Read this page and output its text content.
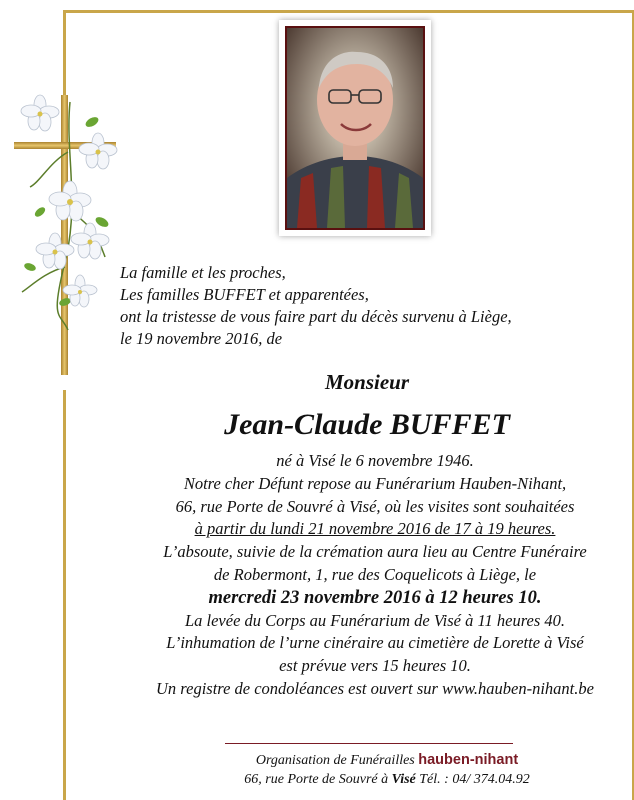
La famille et les proches,
Les familles BUFFET et apparentées,
ont la tristesse de vous faire part du décès survenu à Liège,
le 19 novembre 2016, de
Monsieur
Jean-Claude BUFFET
né à Visé le 6 novembre 1946.
Notre cher Défunt repose au Funérarium Hauben-Nihant,
66, rue Porte de Souvré à Visé, où les visites sont souhaitées
à partir du lundi 21 novembre 2016 de 17 à 19 heures.
L’absoute, suivie de la crémation aura lieu au Centre Funéraire
de Robermont, 1, rue des Coquelicots à Liège, le
mercredi 23 novembre 2016 à 12 heures 10.
La levée du Corps au Funérarium de Visé à 11 heures 40.
L’inhumation de l’urne cinéraire au cimetière de Lorette à Visé
est prévue vers 15 heures 10.
Un registre de condoléances est ouvert sur www.hauben-nihant.be
Organisation de Funérailles hauben-nihant
66, rue Porte de Souvré à Visé Tél. : 04/ 374.04.92
